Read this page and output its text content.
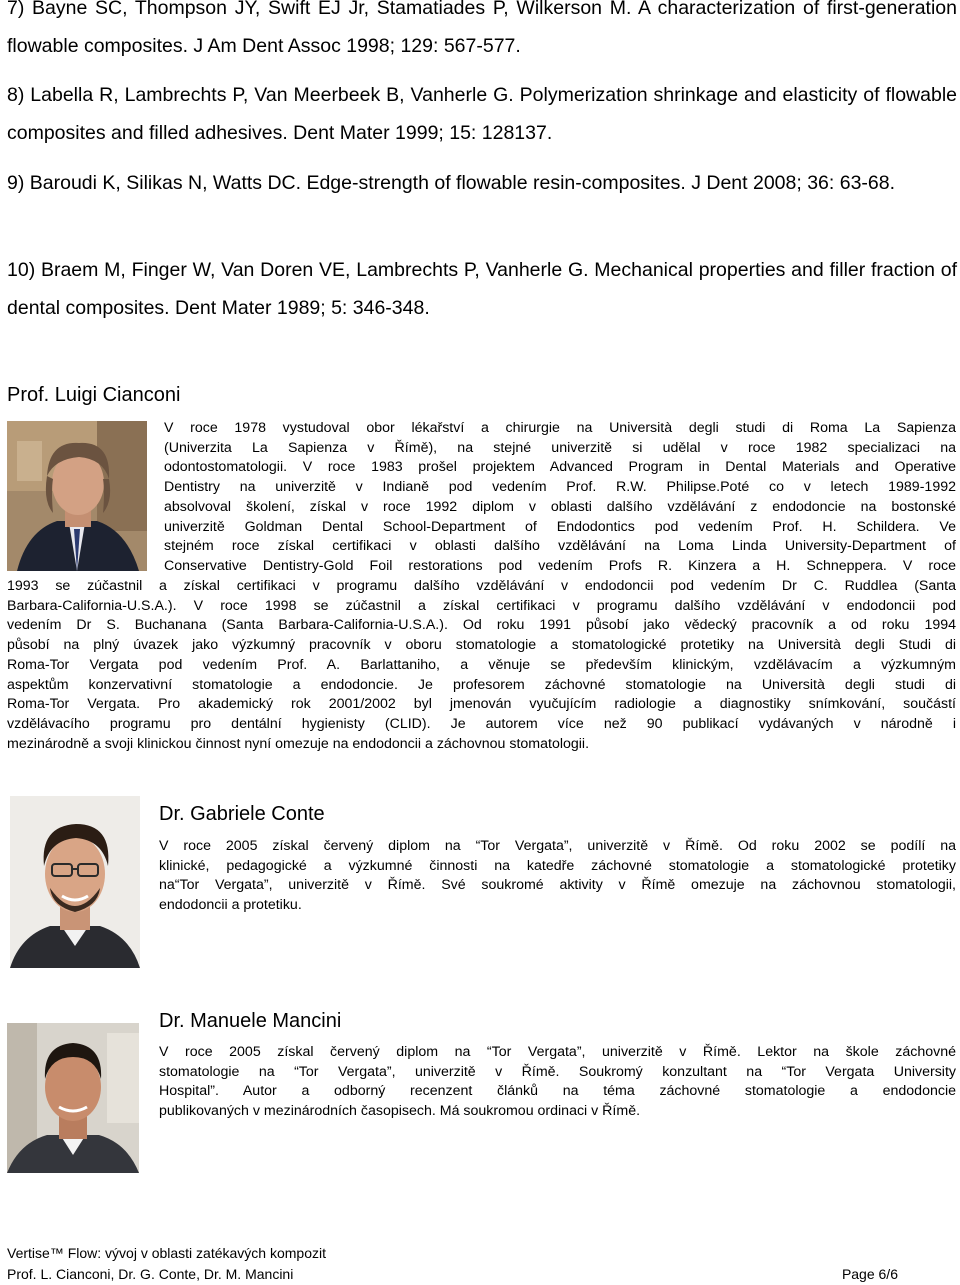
7) Bayne SC, Thompson JY, Swift EJ Jr, Stamatiades P, Wilkerson M. A characterization of first-generation flowable composites. J Am Dent Assoc 1998; 129: 567-577.
8) Labella R, Lambrechts P, Van Meerbeek B, Vanherle G. Polymerization shrinkage and elasticity of flowable composites and filled adhesives. Dent Mater 1999; 15: 128137.
9) Baroudi K, Silikas N, Watts DC. Edge-strength of flowable resin-composites. J Dent 2008; 36: 63-68.
10) Braem M, Finger W, Van Doren VE, Lambrechts P, Vanherle G. Mechanical properties and filler fraction of dental composites. Dent Mater 1989; 5: 346-348.
Prof. Luigi Cianconi
V roce 1978 vystudoval obor lékařství a chirurgie na Università degli studi di Roma La Sapienza
(Univerzita La Sapienza v Římě), na stejné univerzitě si udělal v roce 1982 specializaci na
odontostomatologii. V roce 1983 prošel projektem Advanced Program in Dental Materials and Operative
Dentistry na univerzitě v Indianě pod vedením Prof. R.W. Philipse.Poté co v letech 1989-1992
absolvoval školení, získal v roce 1992 diplom v oblasti dalšího vzdělávání z endodoncie na bostonské
univerzitě Goldman Dental School-Department of Endodontics pod vedením Prof. H. Schildera. Ve
stejném roce získal certifikaci v oblasti dalšího vzdělávání na Loma Linda University-Department of
Conservative Dentistry-Gold Foil restorations pod vedením Profs R. Kinzera a H. Schneppera. V roce
1993 se zúčastnil a získal certifikaci v programu dalšího vzdělávání v endodoncii pod vedením Dr C. Ruddlea (Santa
Barbara-California-U.S.A.). V roce 1998 se zúčastnil a získal certifikaci v programu dalšího vzdělávání v endodoncii pod
vedením Dr S. Buchanana (Santa Barbara-California-U.S.A.). Od roku 1991 působí jako vědecký pracovník a od roku 1994
působí na plný úvazek jako výzkumný pracovník v oboru stomatologie a stomatologické protetiky na Università degli Studi di
Roma-Tor Vergata pod vedením Prof. A. Barlattaniho, a věnuje se především klinickým, vzdělávacím a výzkumným
aspektům konzervativní stomatologie a endodoncie. Je profesorem záchovné stomatologie na Università degli studi di
Roma-Tor Vergata. Pro akademický rok 2001/2002 byl jmenován vyučujícím radiologie a diagnostiky snímkování, součástí
vzdělávacího programu pro dentální hygienisty (CLID). Je autorem více než 90 publikací vydávaných v národně i
mezinárodně a svoji klinickou činnost nyní omezuje na endodoncii a záchovnou stomatologii.
Dr. Gabriele Conte
V roce 2005 získal červený diplom na “Tor Vergata”, univerzitě v Římě. Od roku 2002 se podílí na
klinické, pedagogické a výzkumné činnosti na katedře záchovné stomatologie a stomatologické protetiky
na“Tor Vergata”, univerzitě v Římě. Své soukromé aktivity v Římě omezuje na záchovnou stomatologii,
endodoncii a protetiku.
Dr. Manuele Mancini
V roce 2005 získal červený diplom na “Tor Vergata”, univerzitě v Římě. Lektor na škole záchovné
stomatologie na “Tor Vergata”, univerzitě v Římě. Soukromý konzultant na “Tor Vergata University
Hospital”. Autor a odborný recenzent článků na téma záchovné stomatologie a endodoncie
publikovaných v mezinárodních časopisech. Má soukromou ordinaci v Římě.
Vertise™ Flow: vývoj v oblasti zatékavých kompozit
Prof. L. Cianconi, Dr. G. Conte, Dr. M. Mancini	Page 6/6
